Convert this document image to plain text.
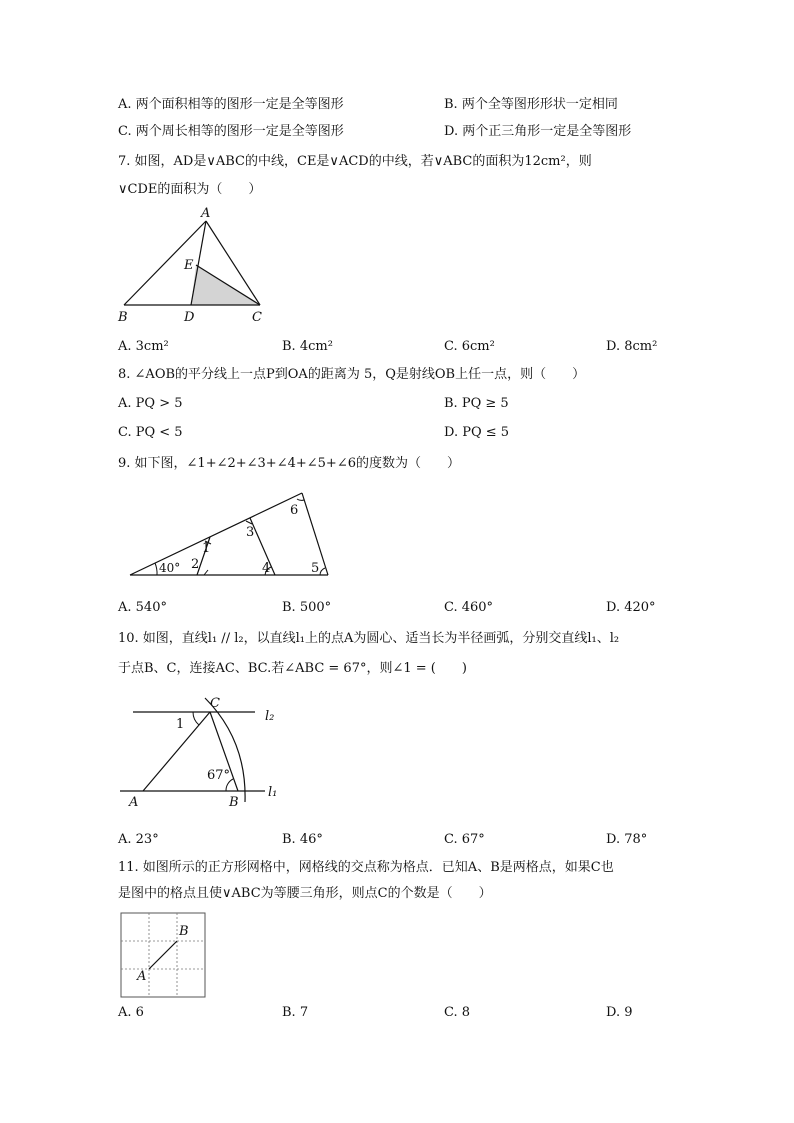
A. 两个面积相等的图形一定是全等图形	B. 两个全等图形形状一定相同
C. 两个周长相等的图形一定是全等图形	D. 两个正三角形一定是全等图形
7. 如图，AD是∨ABC的中线，CE是∨ACD的中线，若∨ABC的面积为12cm²，则
∨CDE的面积为（　　）
A
E
B	D	C
A. 3cm²	B. 4cm²	C. 6cm²	D. 8cm²
8. ∠AOB的平分线上一点P到OA的距离为 5，Q是射线OB上任一点，则（　　）
A. PQ > 5	B. PQ ≥ 5
C. PQ < 5	D. PQ ≤ 5
9. 如下图，∠1+∠2+∠3+∠4+∠5+∠6的度数为（　　）
40°
1
2
3
4	5
6
A. 540°	B. 500°	C. 460°	D. 420°
10. 如图，直线l₁ // l₂，以直线l₁上的点A为圆心、适当长为半径画弧，分别交直线l₁、l₂
于点B、C，连接AC、BC.若∠ABC = 67°，则∠1 = (　　)
C
l₂
1
67°
l₁
A	B
A. 23°	B. 46°	C. 67°	D. 78°
11. 如图所示的正方形网格中，网格线的交点称为格点．已知A、B是两格点，如果C也
是图中的格点且使∨ABC为等腰三角形，则点C的个数是（　　）
B
A
A. 6	B. 7	C. 8	D. 9
